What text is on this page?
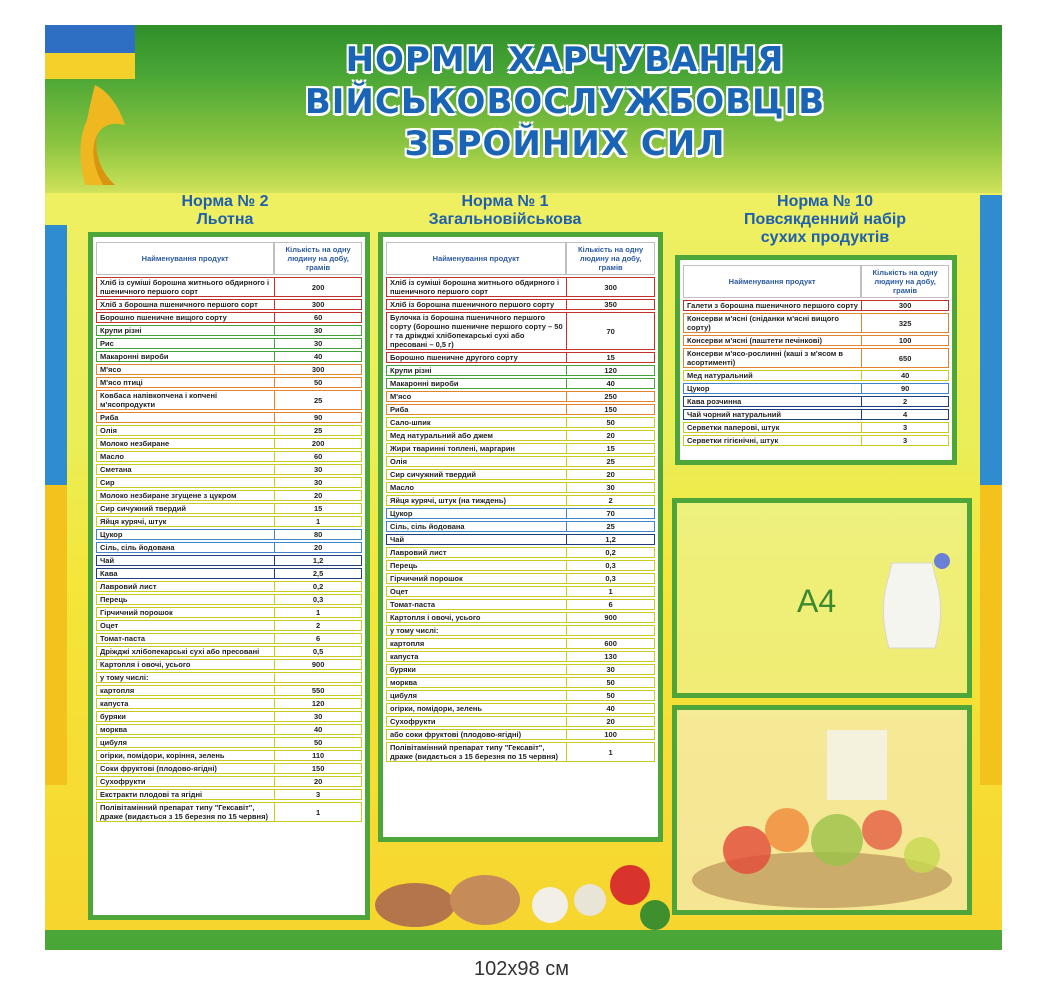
НОРМИ ХАРЧУВАННЯ
ВІЙСЬКОВОСЛУЖБОВЦІВ
ЗБРОЙНИХ СИЛ
Норма № 2
Льотна
Норма № 1
Загальновійськова
Норма № 10
Повсякденний набір
сухих продуктів
Найменування продукт	Кількість на одну людину на добу, грамів
Хліб із суміші борошна житнього обдирного і пшеничного першого сорт	200
Хліб з борошна пшеничного першого сорт	300
Борошно пшеничне вищого сорту	60
Крупи різні	30
Рис	30
Макаронні вироби	40
М'ясо	300
М'ясо птиці	50
Ковбаса напівкопчена і копчені м'ясопродукти	25
Риба	90
Олія	25
Молоко незбиране	200
Масло	60
Сметана	30
Сир	30
Молоко незбиране згущене з цукром	20
Сир сичужний твердий	15
Яйця курячі, штук	1
Цукор	80
Сіль, сіль йодована	20
Чай	1,2
Кава	2,5
Лавровий лист	0,2
Перець	0,3
Гірчичний порошок	1
Оцет	2
Томат-паста	6
Дріжджі хлібопекарські сухі або пресовані	0,5
Картопля і овочі, усього	900
у тому числі:	
картопля	550
капуста	120
буряки	30
морква	40
цибуля	50
огірки, помідори, коріння, зелень	110
Соки фруктові (плодово-ягідні)	150
Сухофрукти	20
Екстракти плодові та ягідні	3
Полівітамінний препарат типу "Гексавіт", драже (видається з 15 березня по 15 червня)	1
Найменування продукт	Кількість на одну людину на добу, грамів
Хліб із суміші борошна житнього обдирного і пшеничного першого сорт	300
Хліб із борошна пшеничного першого сорту	350
Булочка із борошна пшеничного першого сорту (борошно пшеничне першого сорту – 50 г та дріжджі хлібопекарські сухі або пресовані – 0,5 г)	70
Борошно пшеничне другого сорту	15
Крупи різні	120
Макаронні вироби	40
М'ясо	250
Риба	150
Сало-шпик	50
Мед натуральний або джем	20
Жири тваринні топлені, маргарин	15
Олія	25
Сир сичужний твердий	20
Масло	30
Яйця курячі, штук (на тиждень)	2
Цукор	70
Сіль, сіль йодована	25
Чай	1,2
Лавровий лист	0,2
Перець	0,3
Гірчичний порошок	0,3
Оцет	1
Томат-паста	6
Картопля і овочі, усього	900
у тому числі:	
картопля	600
капуста	130
буряки	30
морква	50
цибуля	50
огірки, помідори, зелень	40
Сухофрукти	20
або соки фруктові (плодово-ягідні)	100
Полівітамінний препарат типу "Гексавіт", драже (видається з 15 березня по 15 червня)	1
Найменування продукт	Кількість на одну людину на добу, грамів
Галети з борошна пшеничного першого сорту	300
Консерви м'ясні (сніданки м'ясні вищого сорту)	325
Консерви м'ясні (паштети печінкові)	100
Консерви м'ясо-рослинні (каші з м'ясом в асортименті)	650
Мед натуральний	40
Цукор	90
Кава розчинна	2
Чай чорний натуральний	4
Серветки паперові, штук	3
Серветки гігієнічні, штук	3
А4
102x98 см
